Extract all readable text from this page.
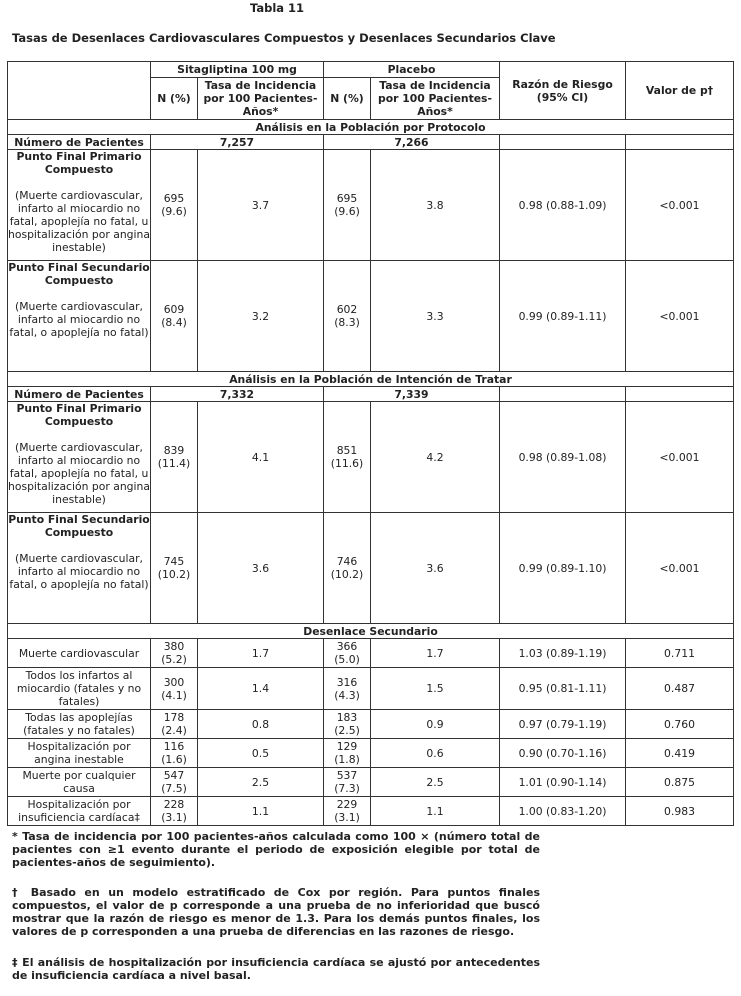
Tabla 11
Tasas de Desenlaces Cardiovasculares Compuestos y Desenlaces Secundarios Clave
	Sitagliptina 100 mg		Placebo		Razón de Riesgo (95% CI)	Valor de p†
	N (%)	Tasa de Incidencia por 100 Pacientes-Años*	N (%)	Tasa de Incidencia por 100 Pacientes-Años*		
Análisis en la Población por Protocolo						
Número de Pacientes	7,257		7,266			

Punto Final Primario Compuesto
(Muerte cardiovascular, infarto al miocardio no fatal, apoplejía no fatal, u hospitalización por angina inestable)	695 (9.6)	3.7	695 (9.6)	3.8	0.98 (0.88-1.09)	<0.001

Punto Final Secundario Compuesto
(Muerte cardiovascular, infarto al miocardio no fatal, o apoplejía no fatal)	609 (8.4)	3.2	602 (8.3)	3.3	0.99 (0.89-1.11)	<0.001
Análisis en la Población de Intención de Tratar						
Número de Pacientes	7,332		7,339			

Punto Final Primario Compuesto
(Muerte cardiovascular, infarto al miocardio no fatal, apoplejía no fatal, u hospitalización por angina inestable)	839 (11.4)	4.1	851 (11.6)	4.2	0.98 (0.89-1.08)	<0.001

Punto Final Secundario Compuesto
(Muerte cardiovascular, infarto al miocardio no fatal, o apoplejía no fatal)	745 (10.2)	3.6	746 (10.2)	3.6	0.99 (0.89-1.10)	<0.001
Desenlace Secundario						
Muerte cardiovascular	380 (5.2)	1.7	366 (5.0)	1.7	1.03 (0.89-1.19)	0.711
Todos los infartos al miocardio (fatales y no fatales)	300 (4.1)	1.4	316 (4.3)	1.5	0.95 (0.81-1.11)	0.487
Todas las apoplejías (fatales y no fatales)	178 (2.4)	0.8	183 (2.5)	0.9	0.97 (0.79-1.19)	0.760
Hospitalización por angina inestable	116 (1.6)	0.5	129 (1.8)	0.6	0.90 (0.70-1.16)	0.419
Muerte por cualquier causa	547 (7.5)	2.5	537 (7.3)	2.5	1.01 (0.90-1.14)	0.875
Hospitalización por insuficiencia cardíaca‡	228 (3.1)	1.1	229 (3.1)	1.1	1.00 (0.83-1.20)	0.983
* Tasa de incidencia por 100 pacientes-años calculada como 100 × (número total de pacientes con ≥1 evento durante el periodo de exposición elegible por total de pacientes-años de seguimiento).
† Basado en un modelo estratificado de Cox por región. Para puntos finales compuestos, el valor de p corresponde a una prueba de no inferioridad que buscó mostrar que la razón de riesgo es menor de 1.3. Para los demás puntos finales, los valores de p corresponden a una prueba de diferencias en las razones de riesgo.
‡ El análisis de hospitalización por insuficiencia cardíaca se ajustó por antecedentes de insuficiencia cardíaca a nivel basal.
